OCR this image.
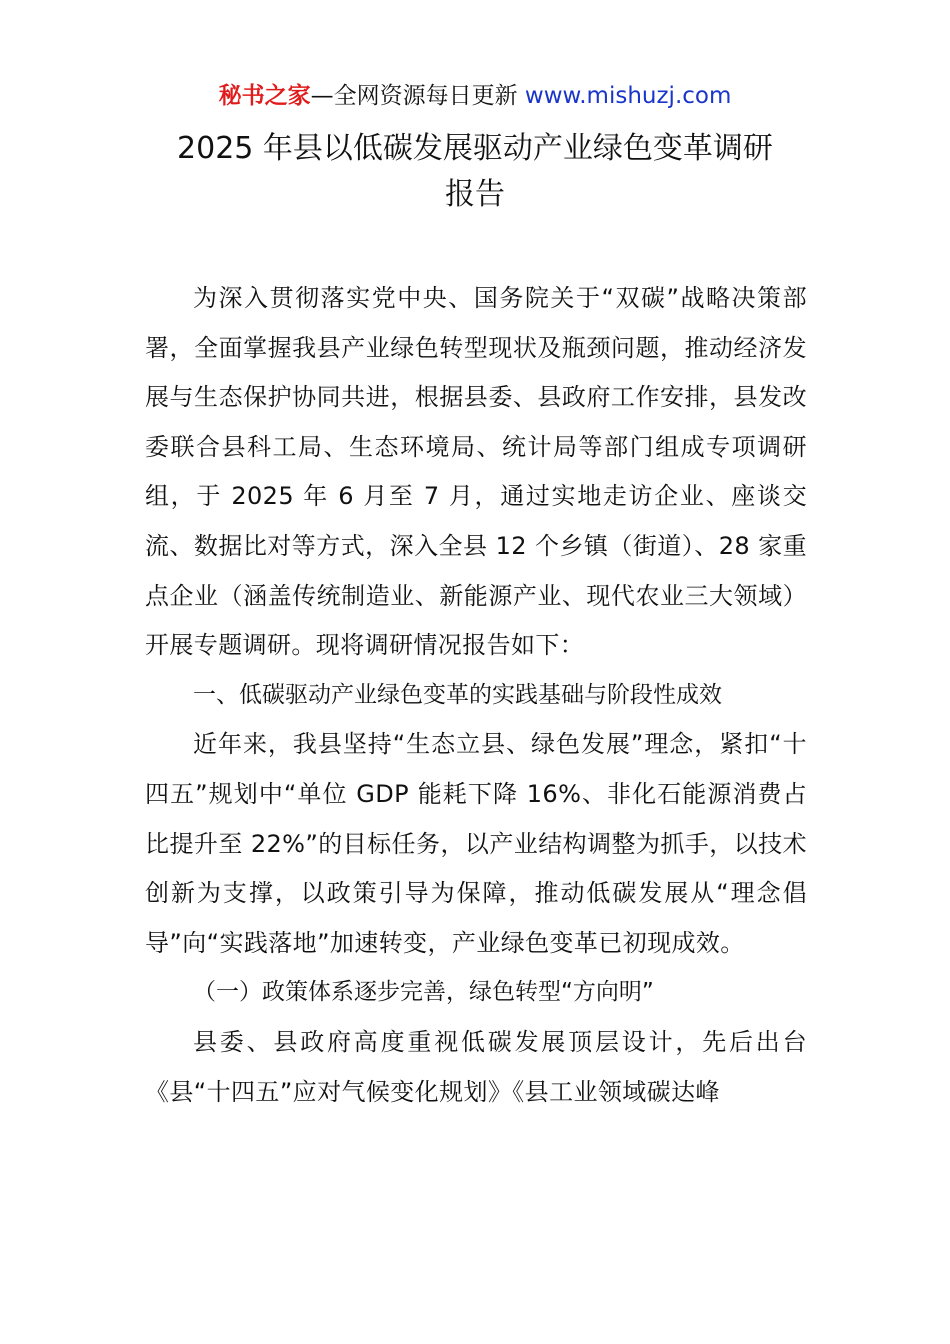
秘书之家—全网资源每日更新 www.mishuzj.com
2025 年县以低碳发展驱动产业绿色变革调研
报告

为深入贯彻落实党中央、国务院关于“双碳”战略决策部署，全面掌握我县产业绿色转型现状及瓶颈问题，推动经济发展与生态保护协同共进，根据县委、县政府工作安排，县发改委联合县科工局、生态环境局、统计局等部门组成专项调研组，于 2025 年 6 月至 7 月，通过实地走访企业、座谈交流、数据比对等方式，深入全县 12 个乡镇（街道）、28 家重点企业（涵盖传统制造业、新能源产业、现代农业三大领域）开展专题调研。现将调研情况报告如下：

一、低碳驱动产业绿色变革的实践基础与阶段性成效

近年来，我县坚持“生态立县、绿色发展”理念，紧扣“十四五”规划中“单位 GDP 能耗下降 16%、非化石能源消费占比提升至 22%”的目标任务，以产业结构调整为抓手，以技术创新为支撑，以政策引导为保障，推动低碳发展从“理念倡导”向“实践落地”加速转变，产业绿色变革已初现成效。

（一）政策体系逐步完善，绿色转型“方向明”

县委、县政府高度重视低碳发展顶层设计，先后出台《县“十四五”应对气候变化规划》《县工业领域碳达峰
